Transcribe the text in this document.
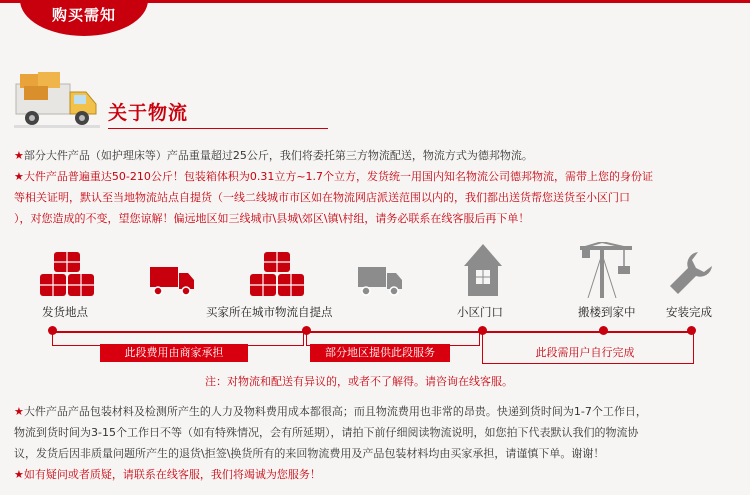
购买需知
关于物流
★部分大件产品（如护理床等）产品重量超过25公斤，我们将委托第三方物流配送，物流方式为德邦物流。
★大件产品普遍重达50-210公斤！包装箱体积为0.31立方~1.7个立方，发货统一用国内知名物流公司德邦物流，需带上您的身份证
等相关证明，默认至当地物流站点自提货（一线二线城市市区如在物流网店派送范围以内的，我们都出送货帮您送货至小区门口
），对您造成的不变，望您谅解！偏远地区如三线城市\县城\郊区\镇\村组，请务必联系在线客服后再下单！
发货地点	买家所在城市物流自提点	小区门口	搬楼到家中	安装完成
此段费用由商家承担	部分地区提供此段服务	此段需用户自行完成
注：对物流和配送有异议的，或者不了解得。请咨询在线客服。
★大件产品产品包装材料及检测所产生的人力及物料费用成本都很高；而且物流费用也非常的昂贵。快递到货时间为1-7个工作日，
物流到货时间为3-15个工作日不等（如有特殊情况，会有所延期），请拍下前仔细阅读物流说明，如您拍下代表默认我们的物流协
议，发货后因非质量问题所产生的退货\拒签\换货所有的来回物流费用及产品包装材料均由买家承担，请谨慎下单。谢谢！
★如有疑问或者质疑，请联系在线客服，我们将竭诚为您服务！
